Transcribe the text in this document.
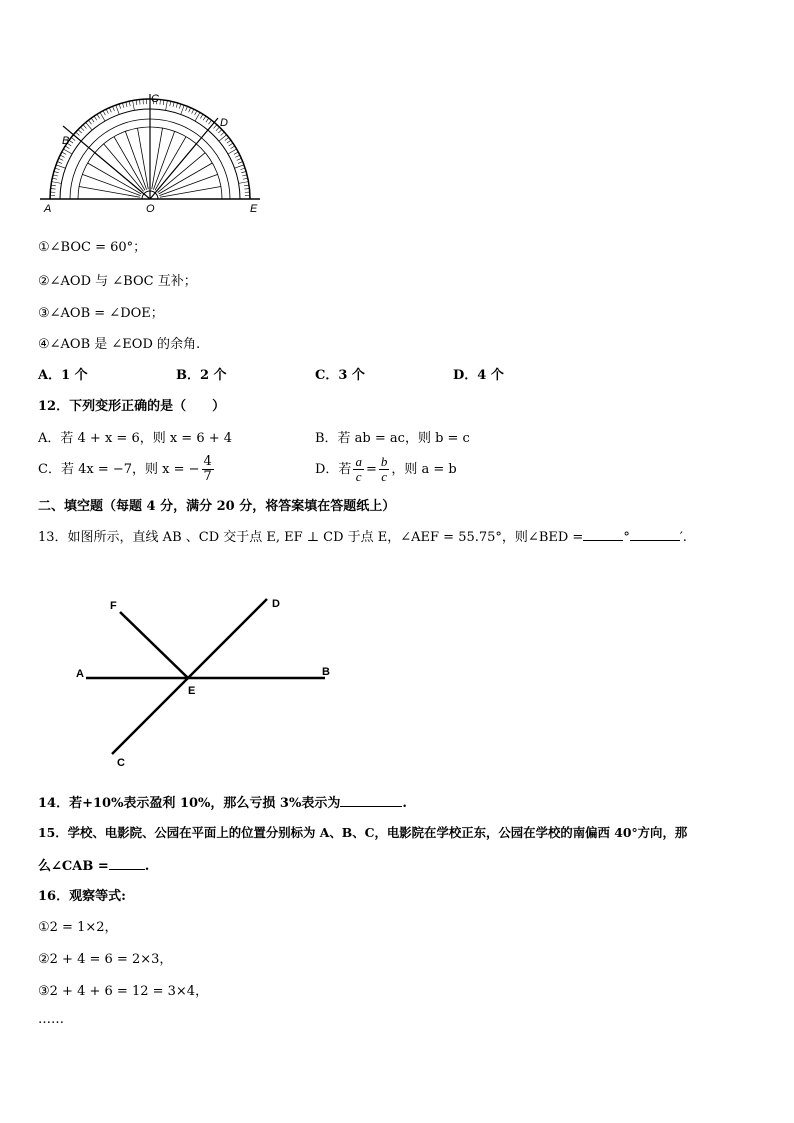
C
D
B
A	O	E
①∠BOC = 60°；
②∠AOD 与 ∠BOC 互补；
③∠AOB = ∠DOE；
④∠AOB 是 ∠EOD 的余角.
A．1 个	B．2 个	C．3 个	D．4 个
12．下列变形正确的是（　　）
A．若 4 + x = 6，则 x = 6 + 4	B．若 ab = ac，则 b = c
C．若 4x = −7，则 x = − $\frac{4}{7}$	D．若 $\frac{a}{c} = \frac{b}{c}$ ，则 a = b
二、填空题（每题 4 分，满分 20 分，将答案填在答题纸上）
13．如图所示，直线 AB 、CD 交于点 E, EF ⊥ CD 于点 E，∠AEF = 55.75°，则∠BED =	°	′.
F	D
A	B
E
C
14．若+10%表示盈利 10%，那么亏损 3%表示为	.
15．学校、电影院、公园在平面上的位置分别标为 A、B、C，电影院在学校正东，公园在学校的南偏西 40°方向，那
么∠CAB =	.
16．观察等式:
①2 = 1×2，
②2 + 4 = 6 = 2×3，
③2 + 4 + 6 = 12 = 3×4，
……
